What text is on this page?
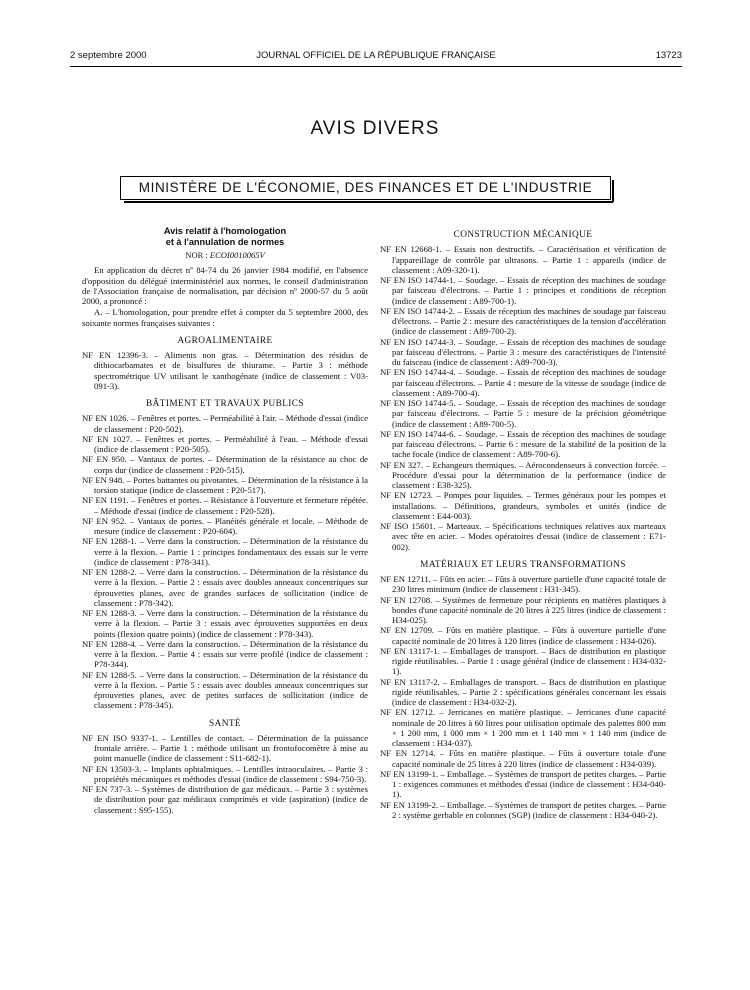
2 septembre 2000	JOURNAL OFFICIEL DE LA RÉPUBLIQUE FRANÇAISE	13723
AVIS DIVERS
MINISTÈRE DE L'ÉCONOMIE, DES FINANCES ET DE L'INDUSTRIE
Avis relatif à l'homologation
et à l'annulation de normes
NOR : ECOI0010065V

En application du décret nº 84-74 du 26 janvier 1984 modifié, en l'absence d'opposition du délégué interministériel aux normes, le conseil d'administration de l'Association française de normalisation, par décision nº 2000-57 du 5 août 2000, a prononcé :

A. – L'homologation, pour prendre effet à compter du 5 septembre 2000, des soixante normes françaises suivantes :

AGROALIMENTAIRE
NF EN 12396-3. – Aliments non gras. – Détermination des résidus de dithiocarbamates et de bisulfures de thiurame. – Partie 3 : méthode spectrométrique UV utilisant le xanthogénate (indice de classement : V03-091-3).
BÂTIMENT ET TRAVAUX PUBLICS
NF EN 1026. – Fenêtres et portes. – Perméabilité à l'air. – Méthode d'essai (indice de classement : P20-502).
NF EN 1027. – Fenêtres et portes. – Perméabilité à l'eau. – Méthode d'essai (indice de classement : P20-505).
NF EN 950. – Vantaux de portes. – Détermination de la résistance au choc de corps dur (indice de classement : P20-515).
NF EN 948. – Portes battantes ou pivotantes. – Détermination de la résistance à la torsion statique (indice de classement : P20-517).
NF EN 1191. – Fenêtres et portes. – Résistance à l'ouverture et fermeture répétée. – Méthode d'essai (indice de classement : P20-528).
NF EN 952. – Vantaux de portes. – Planéités générale et locale. – Méthode de mesure (indice de classement : P20-604).
NF EN 1288-1. – Verre dans la construction. – Détermination de la résistance du verre à la flexion. – Partie 1 : principes fondamentaux des essais sur le verre (indice de classement : P78-341).
NF EN 1288-2. – Verre dans la construction. – Détermination de la résistance du verre à la flexion. – Partie 2 : essais avec doubles anneaux concentriques sur éprouvettes planes, avec de grandes surfaces de sollicitation (indice de classement : P78-342).
NF EN 1288-3. – Verre dans la construction. – Détermination de la résistance du verre à la flexion. – Partie 3 : essais avec éprouvettes supportées en deux points (flexion quatre points) (indice de classement : P78-343).
NF EN 1288-4. – Verre dans la construction. – Détermination de la résistance du verre à la flexion. – Partie 4 : essais sur verre profilé (indice de classement : P78-344).
NF EN 1288-5. – Verre dans la construction. – Détermination de la résistance du verre à la flexion. – Partie 5 : essais avec doubles anneaux concentriques sur éprouvettes planes, avec de petites surfaces de sollicitation (indice de classement : P78-345).
SANTÉ
NF EN ISO 9337-1. – Lentilles de contact. – Détermination de la puissance frontale arrière. – Partie 1 : méthode utilisant un frontofocomètre à mise au point manuelle (indice de classement : S11-682-1).
NF EN 13503-3. – Implants ophtalmiques. – Lentilles intraoculaires. – Partie 3 : propriétés mécaniques et méthodes d'essai (indice de classement : S94-750-3).
NF EN 737-3. – Systèmes de distribution de gaz médicaux. – Partie 3 : systèmes de distribution pour gaz médicaux comprimés et vide (aspiration) (indice de classement : S95-155).
CONSTRUCTION MÉCANIQUE
NF EN 12668-1. – Essais non destructifs. – Caractérisation et vérification de l'appareillage de contrôle par ultrasons. – Partie 1 : appareils (indice de classement : A09-320-1).
NF EN ISO 14744-1. – Soudage. – Essais de réception des machines de soudage par faisceau d'électrons. – Partie 1 : principes et conditions de réception (indice de classement : A89-700-1).
NF EN ISO 14744-2. – Essais de réception des machines de soudage par faisceau d'électrons. – Partie 2 : mesure des caractéristiques de la tension d'accélération (indice de classement : A89-700-2).
NF EN ISO 14744-3. – Soudage. – Essais de réception des machines de soudage par faisceau d'électrons. – Partie 3 : mesure des caractéristiques de l'intensité du faisceau (indice de classement : A89-700-3).
NF EN ISO 14744-4. – Soudage. – Essais de réception des machines de soudage par faisceau d'électrons. – Partie 4 : mesure de la vitesse de soudage (indice de classement : A89-700-4).
NF EN ISO 14744-5. – Soudage. – Essais de réception des machines de soudage par faisceau d'électrons. – Partie 5 : mesure de la précision géométrique (indice de classement : A89-700-5).
NF EN ISO 14744-6. – Soudage. – Essais de réception des machines de soudage par faisceau d'électrons. – Partie 6 : mesure de la stabilité de la position de la tache focale (indice de classement : A89-700-6).
NF EN 327. – Echangeurs thermiques. – Aérocondenseurs à convection forcée. – Procédure d'essai pour la détermination de la performance (indice de classement : E38-325).
NF EN 12723. – Pompes pour liquides. – Termes généraux pour les pompes et installations. – Définitions, grandeurs, symboles et unités (indice de classement : E44-003).
NF ISO 15601. – Marteaux. – Spécifications techniques relatives aux marteaux avec tête en acier. – Modes opératoires d'essai (indice de classement : E71-002).
MATÉRIAUX ET LEURS TRANSFORMATIONS
NF EN 12711. – Fûts en acier. – Fûts à ouverture partielle d'une capacité totale de 230 litres minimum (indice de classement : H31-345).
NF EN 12708. – Systèmes de fermeture pour récipients en matières plastiques à bondes d'une capacité nominale de 20 litres à 225 litres (indice de classement : H34-025).
NF EN 12709. – Fûts en matière plastique. – Fûts à ouverture partielle d'une capacité nominale de 20 litres à 120 litres (indice de classement : H34-026).
NF EN 13117-1. – Emballages de transport. – Bacs de distribution en plastique rigide réutilisables. – Partie 1 : usage général (indice de classement : H34-032-1).
NF EN 13117-2. – Emballages de transport. – Bacs de distribution en plastique rigide réutilisables. – Partie 2 : spécifications générales concernant les essais (indice de classement : H34-032-2).
NF EN 12712. – Jerricanes en matière plastique. – Jerricanes d'une capacité nominale de 20 litres à 60 litres pour utilisation optimale des palettes 800 mm × 1 200 mm, 1 000 mm × 1 200 mm et 1 140 mm × 1 140 mm (indice de classement : H34-037).
NF EN 12714. – Fûts en matière plastique. – Fûts à ouverture totale d'une capacité nominale de 25 litres à 220 litres (indice de classement : H34-039).
NF EN 13199-1. – Emballage. – Systèmes de transport de petites charges. – Partie 1 : exigences communes et méthodes d'essai (indice de classement : H34-040-1).
NF EN 13199-2. – Emballage. – Systèmes de transport de petites charges. – Partie 2 : système gerbable en colonnes (SGP) (indice de classement : H34-040-2).
